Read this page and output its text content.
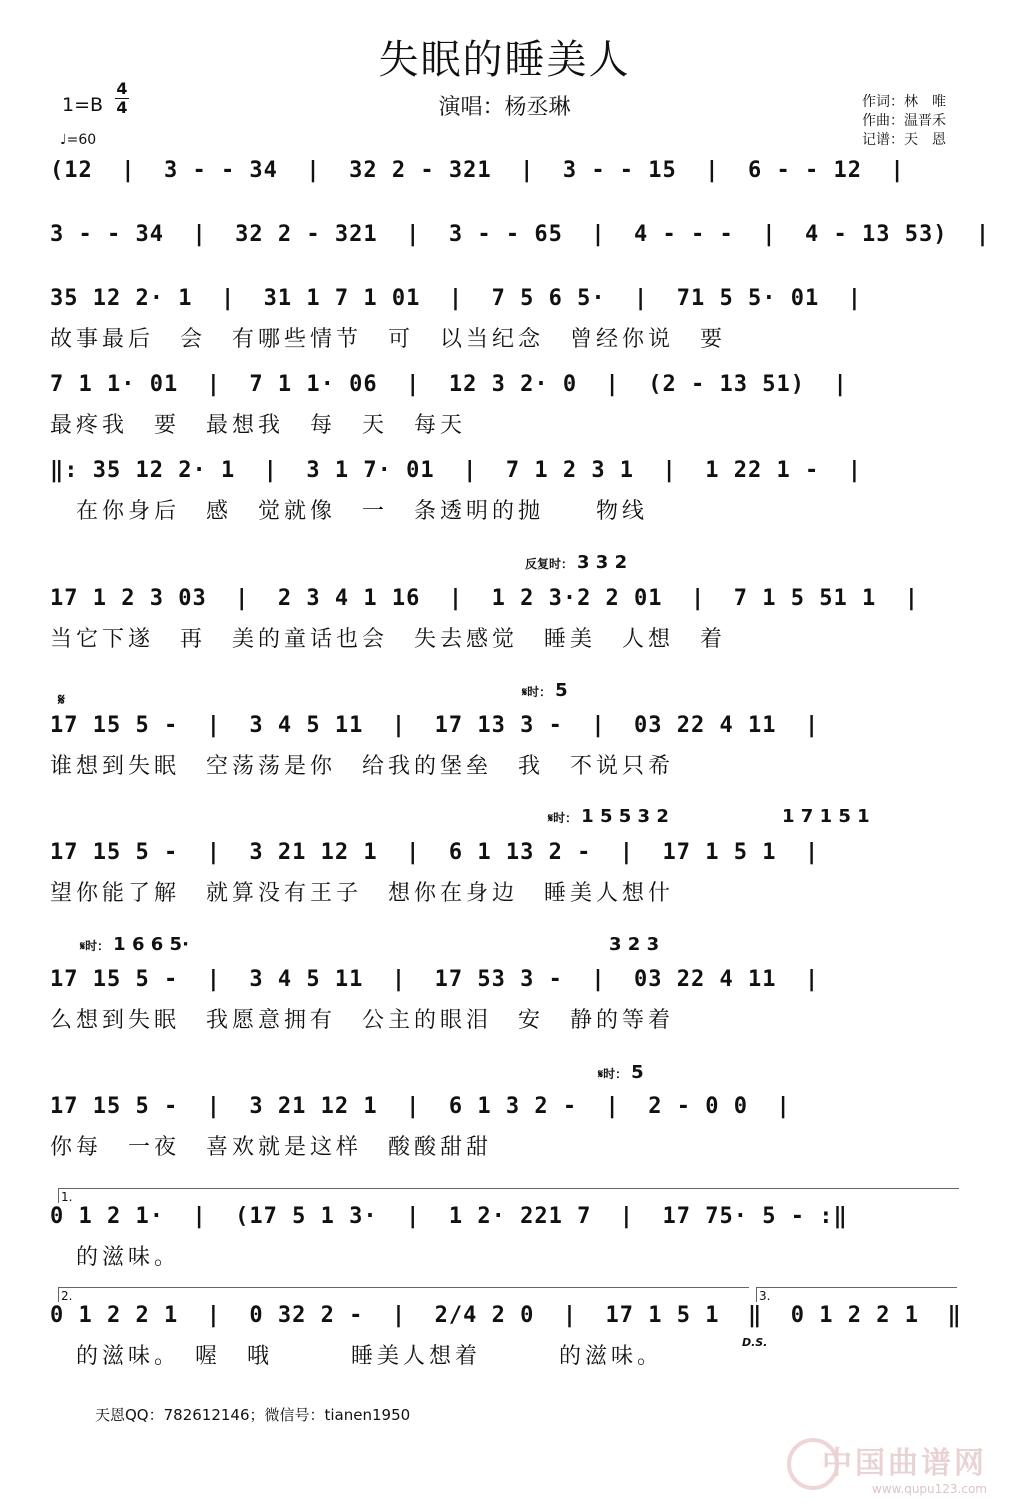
失眠的睡美人
1=B
4
4
♩=60
演唱：杨丞琳	作词：林　唯
作曲：温晋禾
记谱：天　恩
(12  |  3 - - 34  |  32 2 - 321  |  3 - - 15  |  6 - - 12  |
3 - - 34  |  32 2 - 321  |  3 - - 65  |  4 - - -  |  4 - 13 53)  |
35 12 2· 1  |  31 1 7 1 01  |  7 5 6 5·  |  71 5 5· 01  |
故事最后　会　有哪些情节　可　以当纪念　曾经你说　要
7 1 1· 01  |  7 1 1· 06  |  12 3 2· 0  |  (2 - 13 51)  |
最疼我　要　最想我　每　天　每天
‖: 35 12 2· 1  |  3 1 7· 01  |  7 1 2 3 1  |  1 22 1 -  |
　在你身后　感　觉就像　一　条透明的抛　　物线
17 1 2 3 03  |  2 3 4 1 16  |  1 2 3·2 2 01  |  7 1 5 51 1  |
当它下遂　再　美的童话也会　失去感觉　睡美　人想　着
17 15 5 -  |  3 4 5 11  |  17 13 3 -  |  03 22 4 11  |
谁想到失眠　空荡荡是你　给我的堡垒　我　不说只希
17 15 5 -  |  3 21 12 1  |  6 1 13 2 -  |  17 1 5 1  |
望你能了解　就算没有王子　想你在身边　睡美人想什
17 15 5 -  |  3 4 5 11  |  17 53 3 -  |  03 22 4 11  |
么想到失眠　我愿意拥有　公主的眼泪　安　静的等着
17 15 5 -  |  3 21 12 1  |  6 1 3 2 -  |  2 - 0 0  |
你每　一夜　喜欢就是这样　酸酸甜甜
0 1 2 1·  |  (17 5 1 3·  |  1 2· 221 7  |  17 75· 5 - :‖
　的滋味。
0 1 2 2 1  |  0 32 2 -  |  2/4 2 0  |  17 1 5 1  ‖  0 1 2 2 1  ‖
　的滋味。　喔　哦　　　睡美人想着　　　的滋味。
反复时： 3 3 2
𝄋	𝄋时： 5
𝄋时： 1 5 5 3 2	1 7 1 5 1
𝄋时： 1 6 6 5·	3 2 3
𝄋时： 5
1.
2.	3.
D.S.
天恩QQ：782612146；微信号：tianen1950
中国曲谱网
www.qupu123.com
